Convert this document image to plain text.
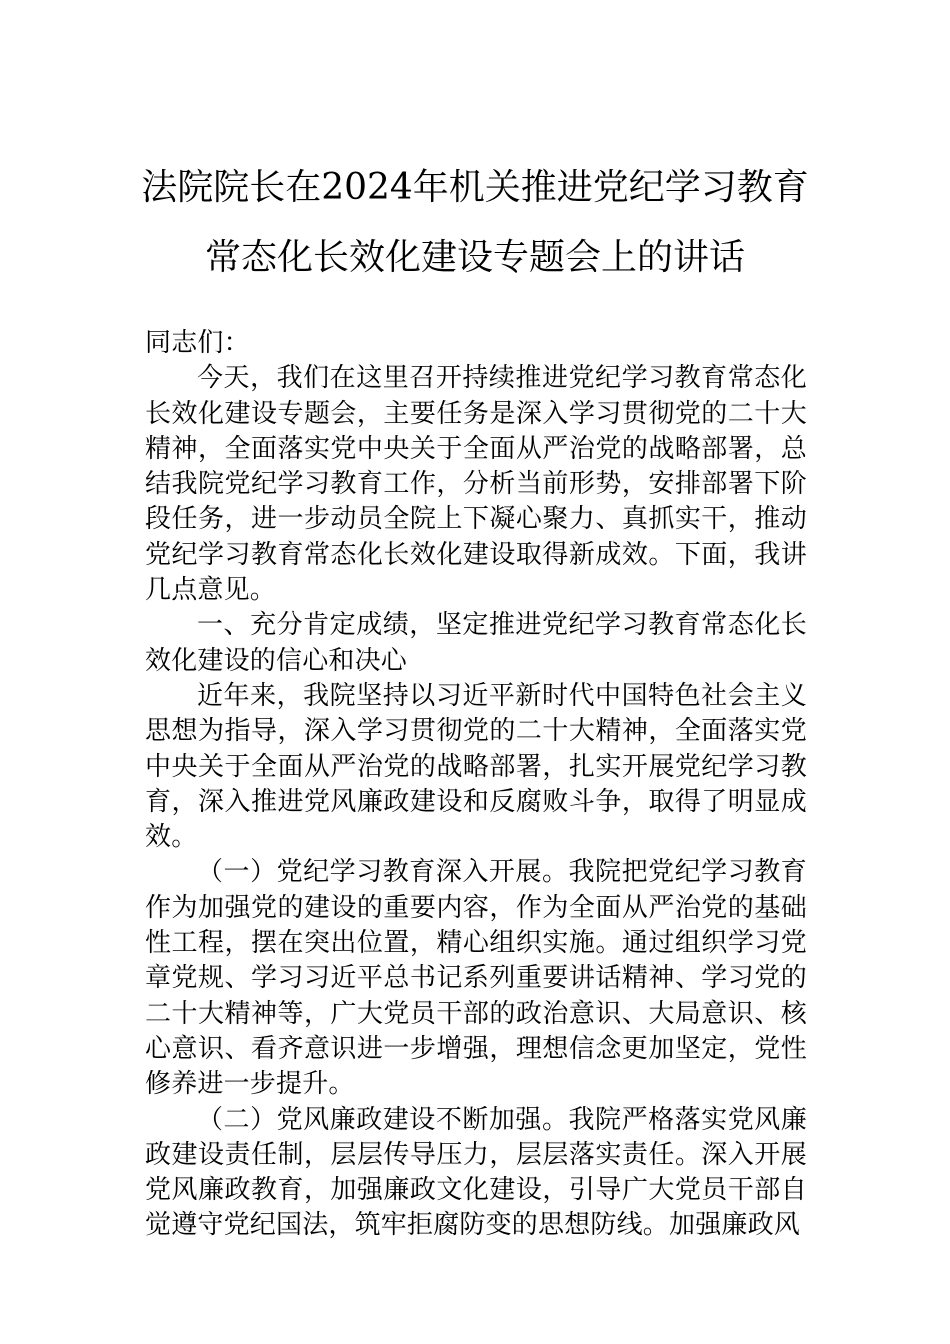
法院院长在2024年机关推进党纪学习教育
常态化长效化建设专题会上的讲话

同志们：

今天，我们在这里召开持续推进党纪学习教育常态化长效化建设专题会，主要任务是深入学习贯彻党的二十大精神，全面落实党中央关于全面从严治党的战略部署，总结我院党纪学习教育工作，分析当前形势，安排部署下阶段任务，进一步动员全院上下凝心聚力、真抓实干，推动党纪学习教育常态化长效化建设取得新成效。下面，我讲几点意见。

一、充分肯定成绩，坚定推进党纪学习教育常态化长效化建设的信心和决心

近年来，我院坚持以习近平新时代中国特色社会主义思想为指导，深入学习贯彻党的二十大精神，全面落实党中央关于全面从严治党的战略部署，扎实开展党纪学习教育，深入推进党风廉政建设和反腐败斗争，取得了明显成效。

（一）党纪学习教育深入开展。我院把党纪学习教育作为加强党的建设的重要内容，作为全面从严治党的基础性工程，摆在突出位置，精心组织实施。通过组织学习党章党规、学习习近平总书记系列重要讲话精神、学习党的二十大精神等，广大党员干部的政治意识、大局意识、核心意识、看齐意识进一步增强，理想信念更加坚定，党性修养进一步提升。

（二）党风廉政建设不断加强。我院严格落实党风廉政建设责任制，层层传导压力，层层落实责任。深入开展党风廉政教育，加强廉政文化建设，引导广大党员干部自觉遵守党纪国法，筑牢拒腐防变的思想防线。加强廉政风
